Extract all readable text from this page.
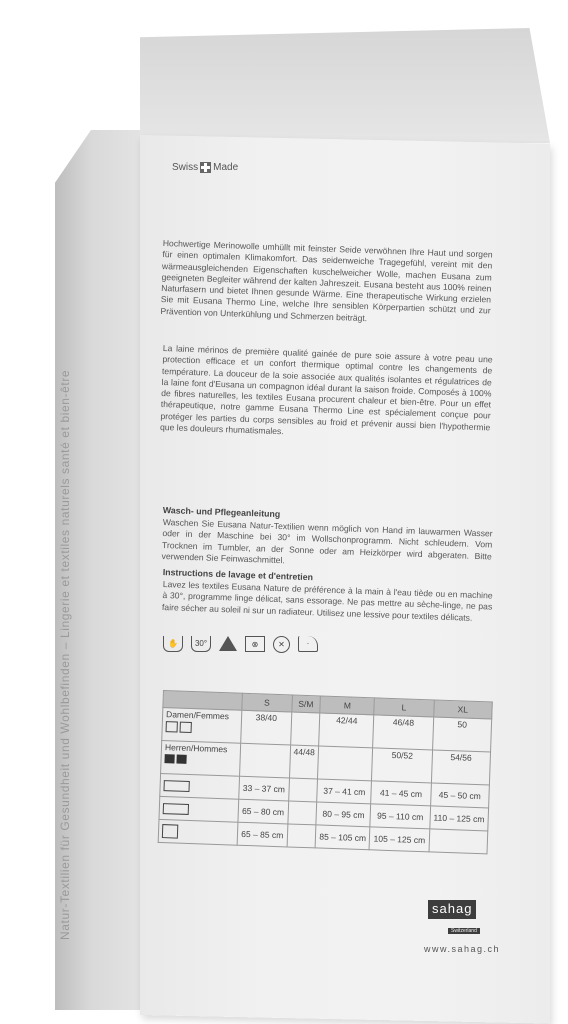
Natur-Textilien für Gesundheit und Wohlbefinden – Lingerie et textiles naturels santé et bien-être
Swiss Made
Hochwertige Merinowolle umhüllt mit feinster Seide verwöhnen Ihre Haut und sorgen für einen optimalen Klimakomfort. Das seidenweiche Tragegefühl, vereint mit den wärmeausgleichenden Eigenschaften kuschelweicher Wolle, machen Eusana zum geeigneten Begleiter während der kalten Jahreszeit. Eusana besteht aus 100% reinen Naturfasern und bietet Ihnen gesunde Wärme. Eine therapeutische Wirkung erzielen Sie mit Eusana Thermo Line, welche Ihre sensiblen Körperpartien schützt und zur Prävention von Unterkühlung und Schmerzen beiträgt.
La laine mérinos de première qualité gainée de pure soie assure à votre peau une protection efficace et un confort thermique optimal contre les changements de température. La douceur de la soie associée aux qualités isolantes et régulatrices de la laine font d'Eusana un compagnon idéal durant la saison froide. Composés à 100% de fibres naturelles, les textiles Eusana procurent chaleur et bien-être. Pour un effet thérapeutique, notre gamme Eusana Thermo Line est spécialement conçue pour protéger les parties du corps sensibles au froid et prévenir aussi bien l'hypothermie que les douleurs rhumatismales.
Wasch- und Pflegeanleitung
Waschen Sie Eusana Natur-Textilien wenn möglich von Hand im lauwarmen Wasser oder in der Maschine bei 30° im Wollschonprogramm. Nicht schleudern. Vom Trocknen im Tumbler, an der Sonne oder am Heizkörper wird abgeraten. Bitte verwenden Sie Feinwaschmittel.
Instructions de lavage et d'entretien
Lavez les textiles Eusana Nature de préférence à la main à l'eau tiède ou en machine à 30°, programme linge délicat, sans essorage. Ne pas mettre au sèche-linge, ne pas faire sécher au soleil ni sur un radiateur. Utilisez une lessive pour textiles délicats.
✋	30°	⊗	✕	·
	S	S/M	M	L	XL
Damen/Femmes	38/40		42/44	46/48	50
Herren/Hommes		44/48		50/52	54/56
	33 – 37 cm		37 – 41 cm	41 – 45 cm	45 – 50 cm
	65 – 80 cm		80 – 95 cm	95 – 110 cm	110 – 125 cm
	65 – 85 cm		85 – 105 cm	105 – 125 cm	
sahag
Switzerland
www.sahag.ch
